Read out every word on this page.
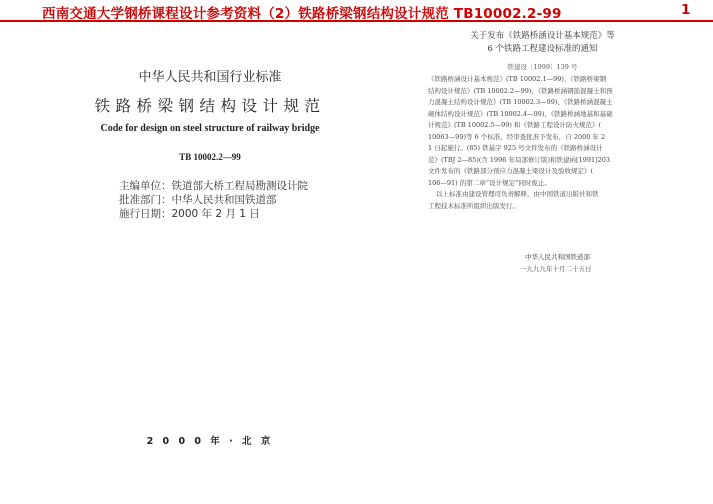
西南交通大学钢桥课程设计参考资料（2）铁路桥梁钢结构设计规范 TB10002.2-99	1
中华人民共和国行业标准
铁路桥梁钢结构设计规范
Code for design on steel structure of railway bridge
TB 10002.2—99
主编单位：铁道部大桥工程局勘测设计院
批准部门：中华人民共和国铁道部
施行日期：2000 年 2 月 1 日
2 0 0 0 年 · 北 京
关于发布《铁路桥涵设计基本规范》等
6 个铁路工程建设标准的通知
铁建设〔1999〕139 号
《铁路桥涵设计基本规范》(TB 10002.1—99)、《铁路桥梁钢
结构设计规范》(TB 10002.2—99)、《铁路桥涵钢筋混凝土和预
力混凝土结构设计规范》(TB 10002.3—99)、《铁路桥涵混凝土
砌体结构设计规范》(TB 10002.4—99)、《铁路桥涵地基和基础
计规范》(TB 10002.5—99) 和《铁路工程设计防火规范》(
10063—99)等 6 个标准，经审查批准予发布，自 2000 年 2
1 日起施行。(85) 铁基字 925 号文件发布的《铁路桥涵设计
范》(TBJ 2—85)(含 1996 年局部修订版)和铁建函[1991]203
文件发布的《铁路部分预应力混凝土梁设计及验收规定》(
106—91) 的第二章“设计规定”同时废止。
以上标准由建设管理司负责解释，由中国铁道出版社和铁
工程技术标准所组织出版发行。
中华人民共和国铁道部
一九九九年十月二十五日
